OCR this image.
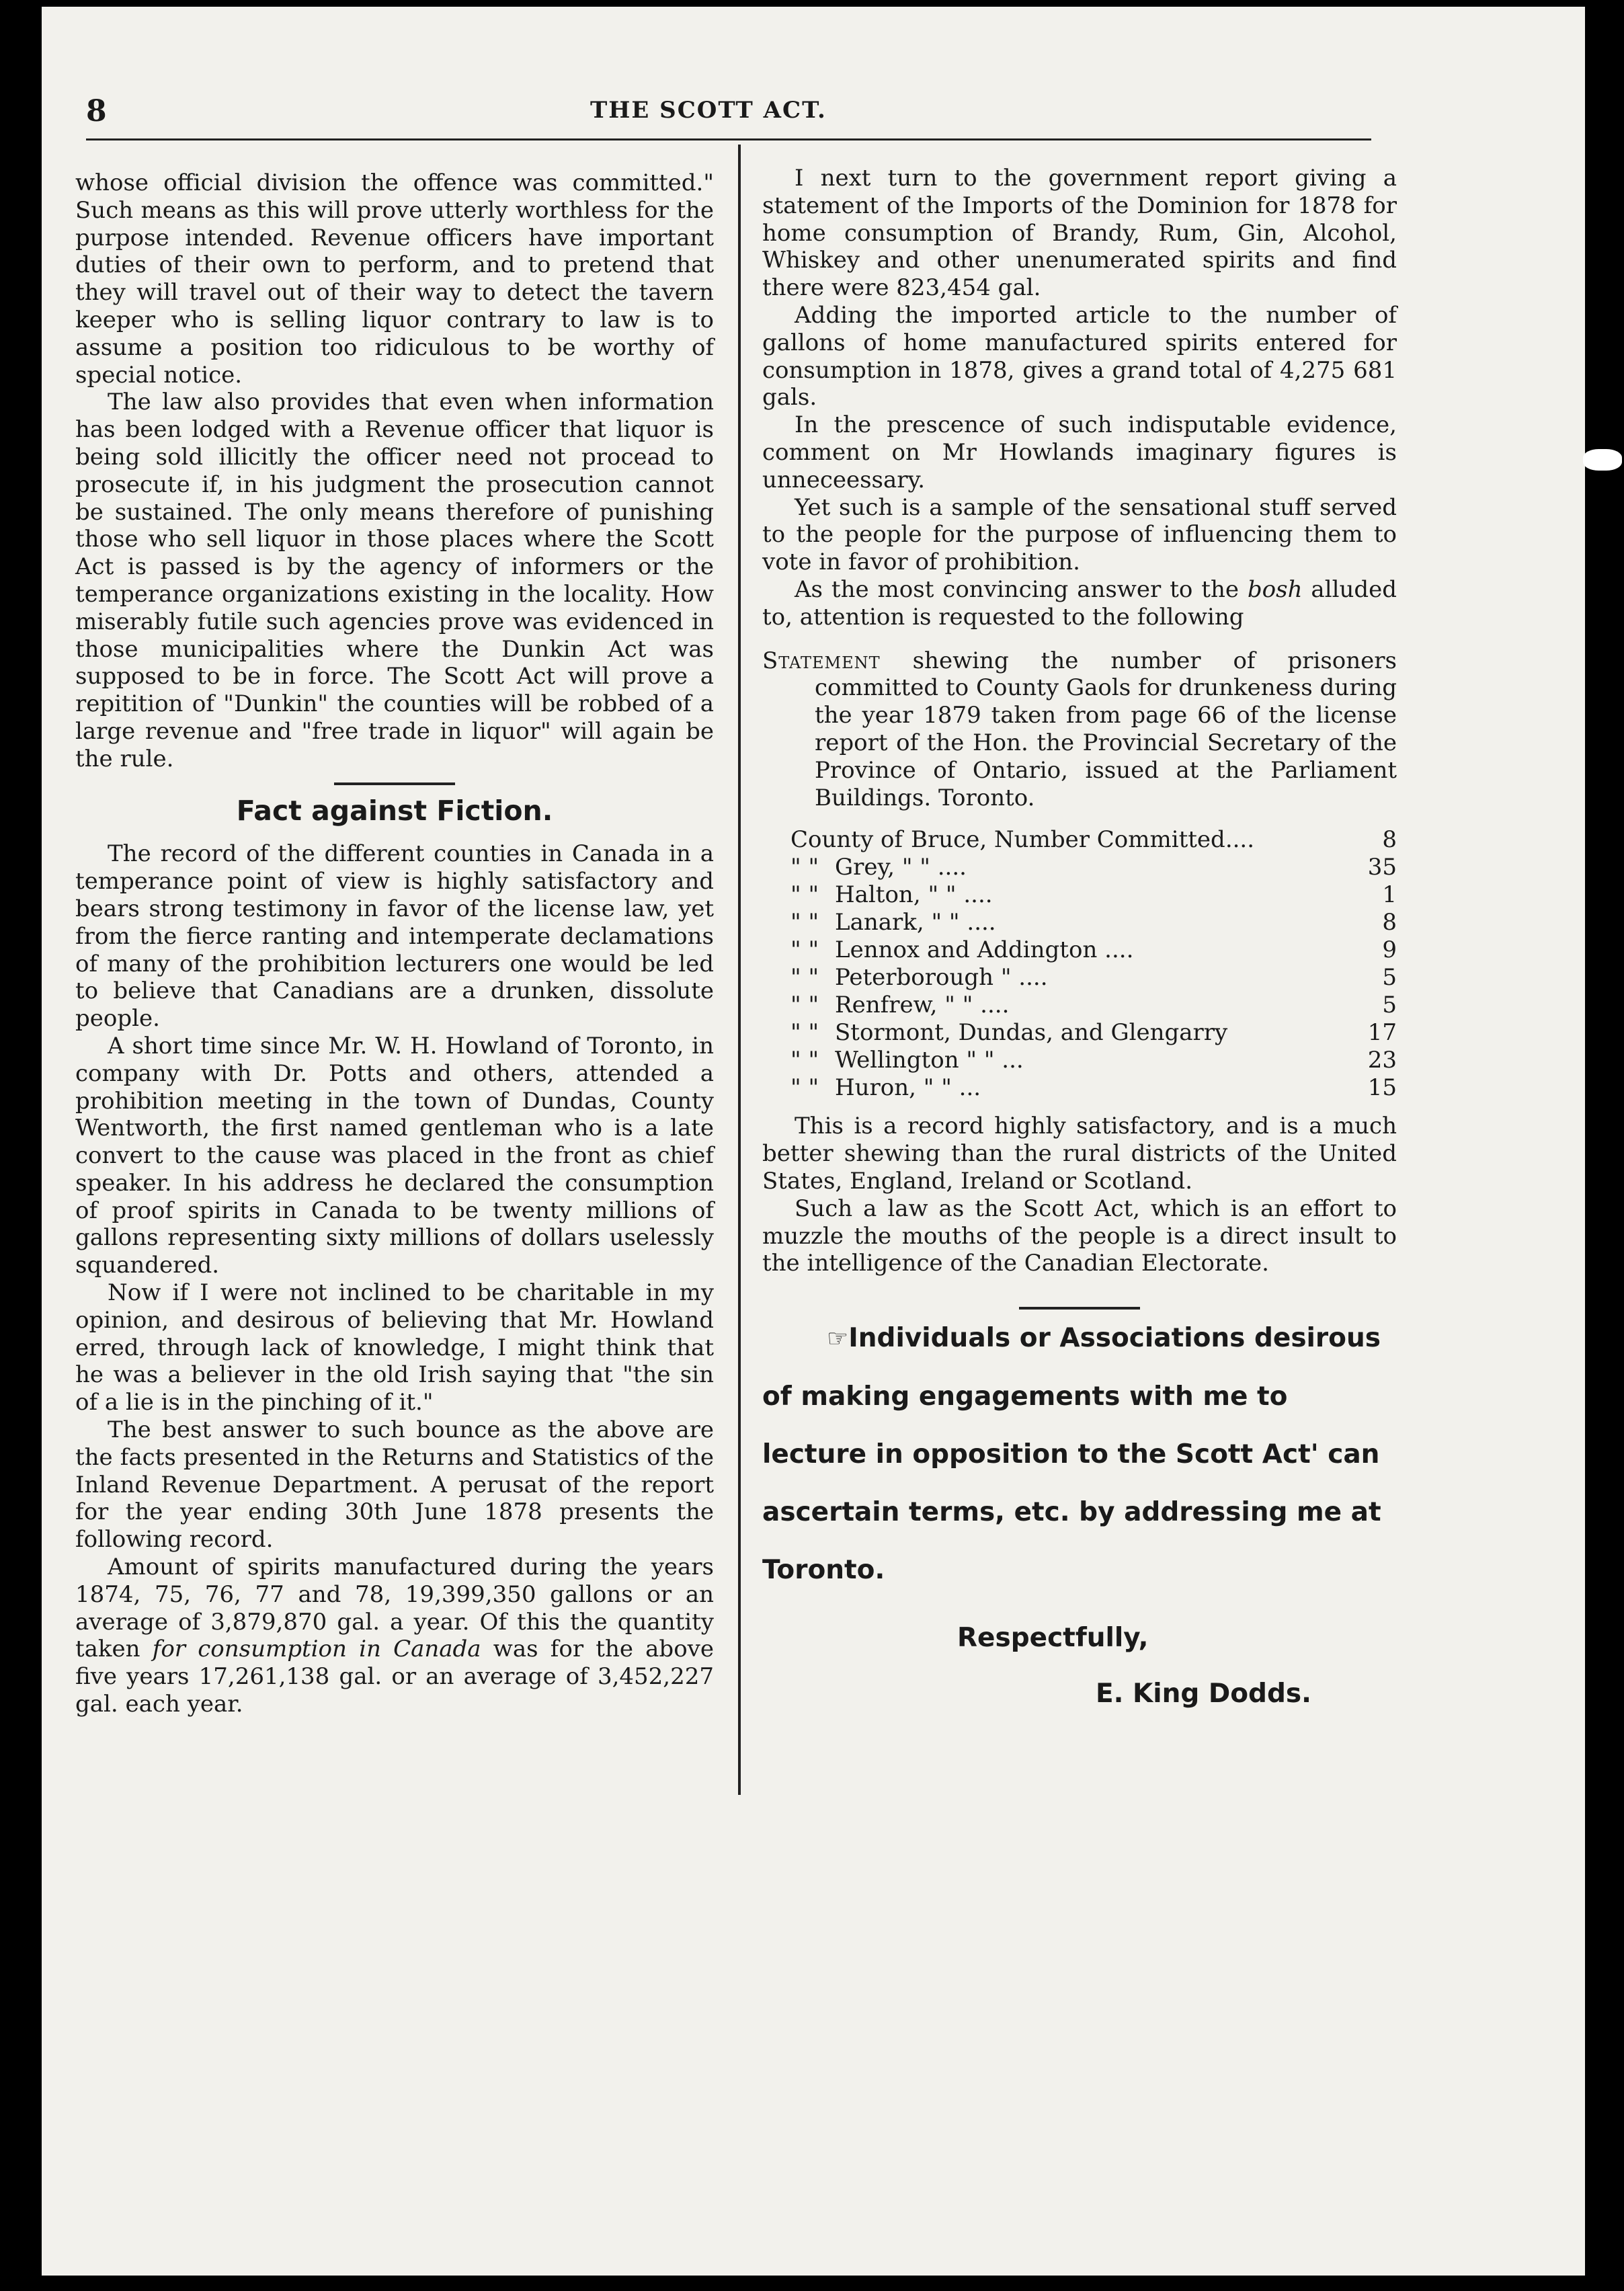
8	THE SCOTT ACT.

whose official division the offence was committed." Such means as this will prove utterly worthless for the purpose intended. Revenue officers have important duties of their own to perform, and to pretend that they will travel out of their way to detect the tavern keeper who is selling liquor contrary to law is to assume a position too ridiculous to be worthy of special notice.

The law also provides that even when information has been lodged with a Revenue officer that liquor is being sold illicitly the officer need not procead to prosecute if, in his judgment the prosecution cannot be sustained. The only means therefore of punishing those who sell liquor in those places where the Scott Act is passed is by the agency of informers or the temperance organizations existing in the locality. How miserably futile such agencies prove was evidenced in those municipalities where the Dunkin Act was supposed to be in force. The Scott Act will prove a repitition of "Dunkin" the counties will be robbed of a large revenue and "free trade in liquor" will again be the rule.

Fact against Fiction.

The record of the different counties in Canada in a temperance point of view is highly satisfactory and bears strong testimony in favor of the license law, yet from the fierce ranting and intemperate declamations of many of the prohibition lecturers one would be led to believe that Canadians are a drunken, dissolute people.

A short time since Mr. W. H. Howland of Toronto, in company with Dr. Potts and others, attended a prohibition meeting in the town of Dundas, County Wentworth, the first named gentleman who is a late convert to the cause was placed in the front as chief speaker. In his address he declared the consumption of proof spirits in Canada to be twenty millions of gallons representing sixty millions of dollars uselessly squandered.

Now if I were not inclined to be charitable in my opinion, and desirous of believing that Mr. Howland erred, through lack of knowledge, I might think that he was a believer in the old Irish saying that "the sin of a lie is in the pinching of it."

The best answer to such bounce as the above are the facts presented in the Returns and Statistics of the Inland Revenue Department. A perusat of the report for the year ending 30th June 1878 presents the following record.

Amount of spirits manufactured during the years 1874, 75, 76, 77 and 78, 19,399,350 gallons or an average of 3,879,870 gal. a year. Of this the quantity taken for consumption in Canada was for the above five years 17,261,138 gal. or an average of 3,452,227 gal. each year.

I next turn to the government report giving a statement of the Imports of the Dominion for 1878 for home consumption of Brandy, Rum, Gin, Alcohol, Whiskey and other unenumerated spirits and find there were 823,454 gal.

Adding the imported article to the number of gallons of home manufactured spirits entered for consumption in 1878, gives a grand total of 4,275 681 gals.

In the prescence of such indisputable evidence, comment on Mr Howlands imaginary figures is unneceessary.

Yet such is a sample of the sensational stuff served to the people for the purpose of influencing them to vote in favor of prohibition.

As the most convincing answer to the bosh alluded to, attention is requested to the following

Statement shewing the number of prisoners committed to County Gaols for drunkeness during the year 1879 taken from page 66 of the license report of the Hon. the Provincial Secretary of the Province of Ontario, issued at the Parliament Buildings. Toronto.
County of Bruce, Number Committed....	8
" " Grey, " " ....	35
" " Halton, " " ....	1
" " Lanark, " " ....	8
" " Lennox and Addington ....	9
" " Peterborough " ....	5
" " Renfrew, " " ....	5
" " Stormont, Dundas, and Glengarry	17
" " Wellington " " ...	23
" " Huron, " " ...	15

This is a record highly satisfactory, and is a much better shewing than the rural districts of the United States, England, Ireland or Scotland.

Such a law as the Scott Act, which is an effort to muzzle the mouths of the people is a direct insult to the intelligence of the Canadian Electorate.

☞Individuals or Associations desirous of making engagements with me to lecture in opposition to the Scott Act' can ascertain terms, etc. by addressing me at Toronto.

Respectfully,
E. King Dodds.
